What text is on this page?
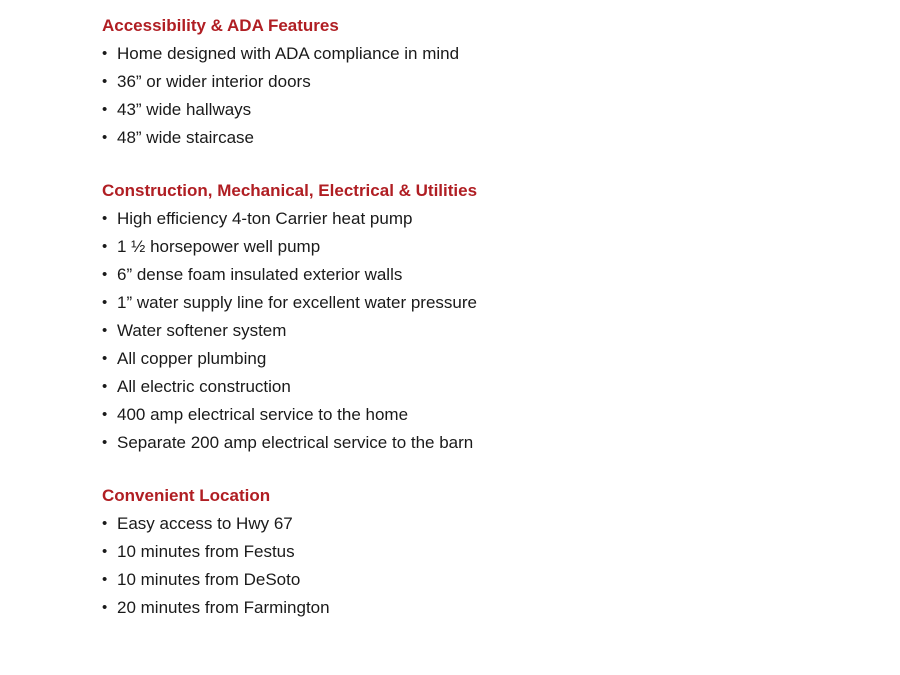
Accessibility & ADA Features
• Home designed with ADA compliance in mind
• 36” or wider interior doors
• 43” wide hallways
• 48” wide staircase
Construction, Mechanical, Electrical & Utilities
• High efficiency 4-ton Carrier heat pump
• 1 ½ horsepower well pump
• 6” dense foam insulated exterior walls
• 1” water supply line for excellent water pressure
• Water softener system
• All copper plumbing
• All electric construction
• 400 amp electrical service to the home
• Separate 200 amp electrical service to the barn
Convenient Location
• Easy access to Hwy 67
• 10 minutes from Festus
• 10 minutes from DeSoto
• 20 minutes from Farmington
